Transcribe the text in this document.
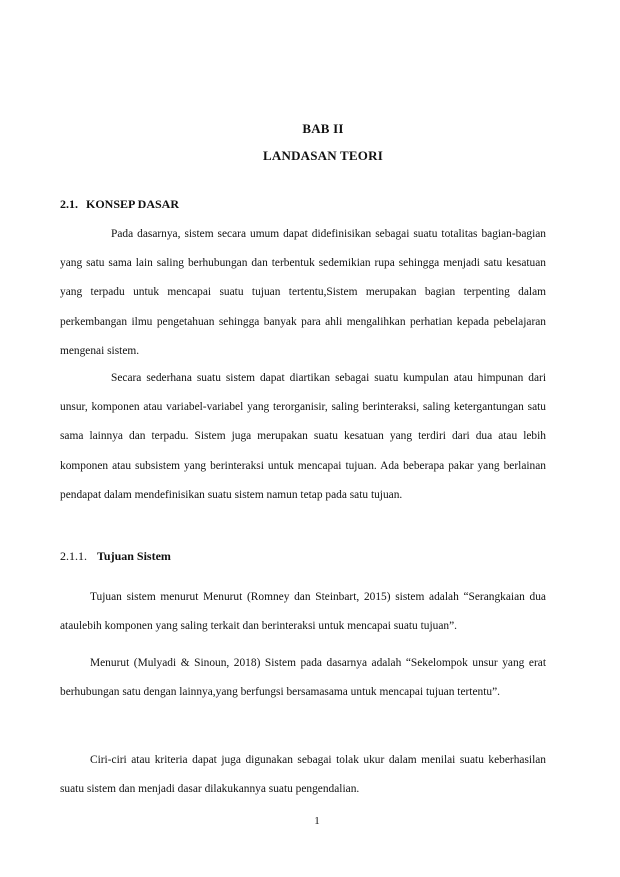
BAB II
LANDASAN TEORI
2.1. KONSEP DASAR

Pada dasarnya, sistem secara umum dapat didefinisikan sebagai suatu totalitas bagian-bagian yang satu sama lain saling berhubungan dan terbentuk sedemikian rupa sehingga menjadi satu kesatuan yang terpadu untuk mencapai suatu tujuan tertentu,Sistem merupakan bagian terpenting dalam perkembangan ilmu pengetahuan sehingga banyak para ahli mengalihkan perhatian kepada pebelajaran mengenai sistem.

Secara sederhana suatu sistem dapat diartikan sebagai suatu kumpulan atau himpunan dari unsur, komponen atau variabel-variabel yang terorganisir, saling berinteraksi, saling ketergantungan satu sama lainnya dan terpadu. Sistem juga merupakan suatu kesatuan yang terdiri dari dua atau lebih komponen atau subsistem yang berinteraksi untuk mencapai tujuan. Ada beberapa pakar yang berlainan pendapat dalam mendefinisikan suatu sistem namun tetap pada satu tujuan.

2.1.1. Tujuan Sistem

Tujuan sistem menurut Menurut (Romney dan Steinbart, 2015) sistem adalah “Serangkaian dua ataulebih komponen yang saling terkait dan berinteraksi untuk mencapai suatu tujuan”.

Menurut (Mulyadi & Sinoun, 2018) Sistem pada dasarnya adalah “Sekelompok unsur yang erat berhubungan satu dengan lainnya,yang berfungsi bersamasama untuk mencapai tujuan tertentu”.

Ciri-ciri atau kriteria dapat juga digunakan sebagai tolak ukur dalam menilai suatu keberhasilan suatu sistem dan menjadi dasar dilakukannya suatu pengendalian.

1
